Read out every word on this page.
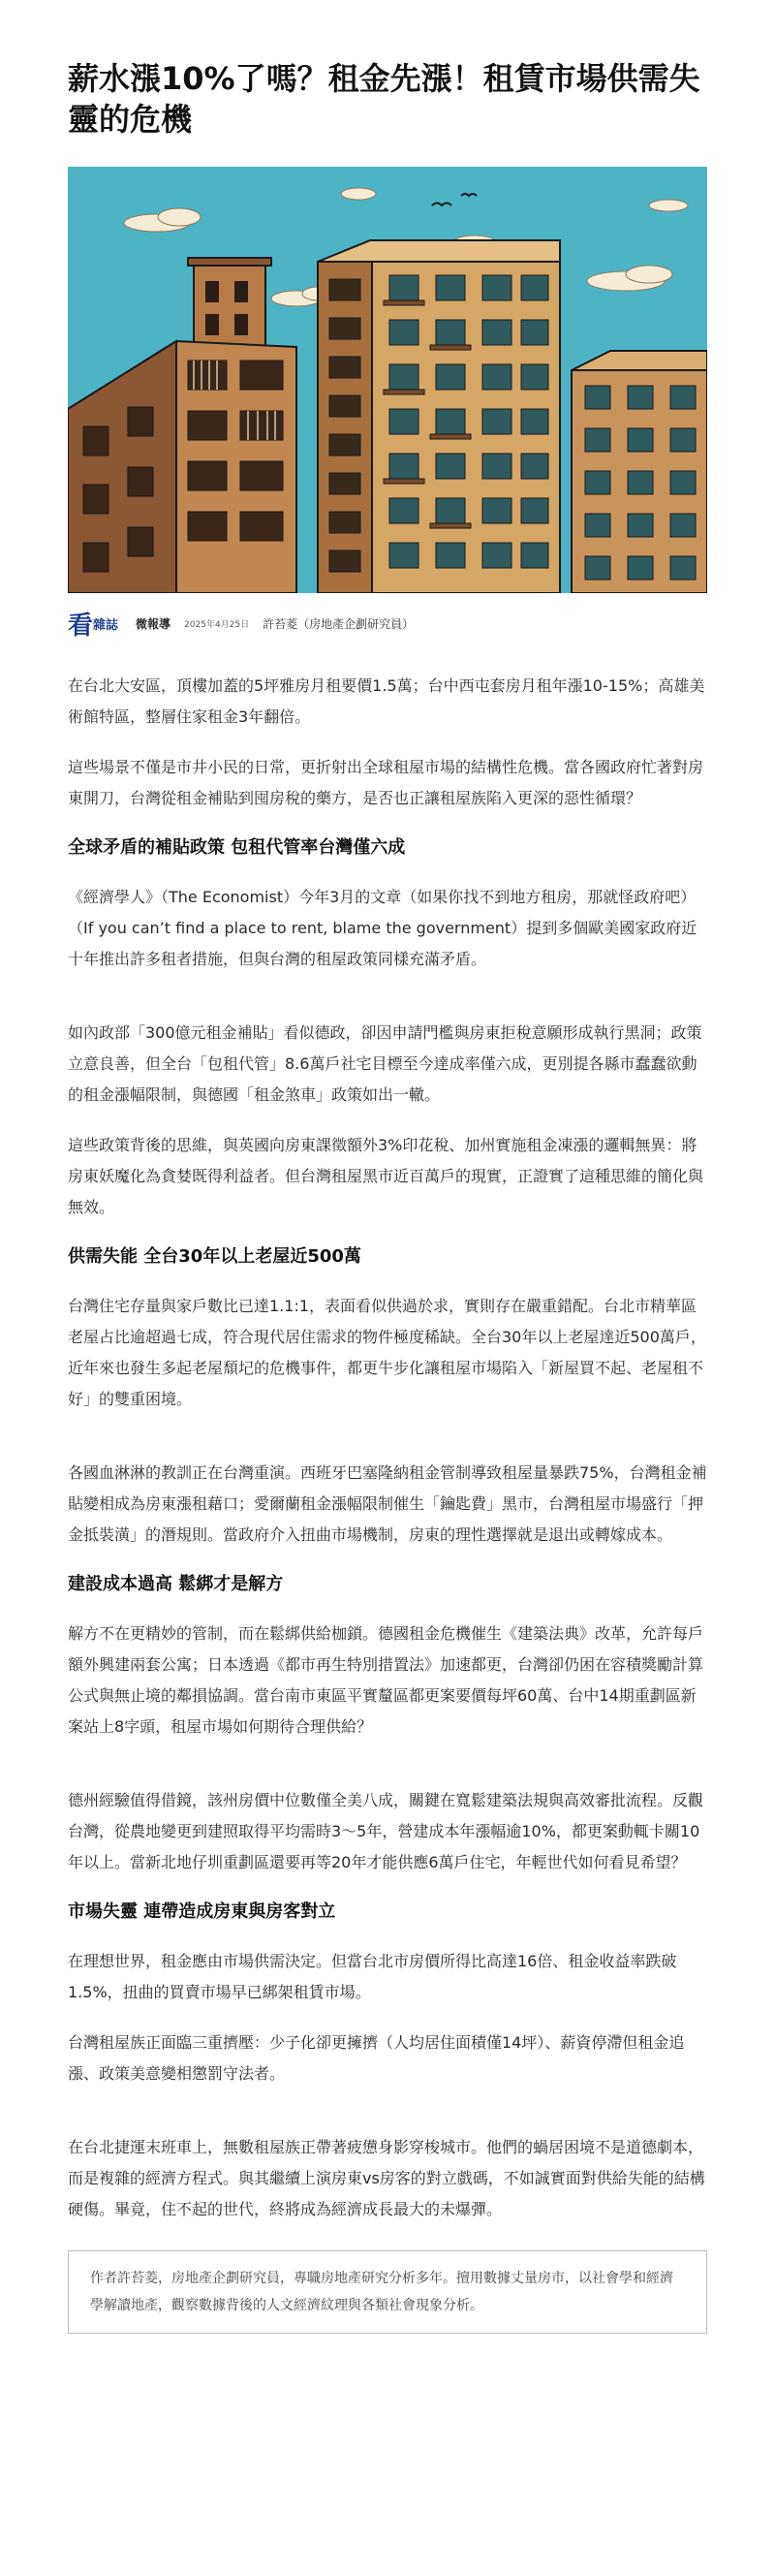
薪水漲10%了嗎？租金先漲！租賃市場供需失靈的危機
看 雜誌 微報導 2025年4月25日 許苔菱（房地產企劃研究員）

在台北大安區，頂樓加蓋的5坪雅房月租要價1.5萬；台中西屯套房月租年漲10-15%；高雄美術館特區，整層住家租金3年翻倍。

這些場景不僅是市井小民的日常，更折射出全球租屋市場的結構性危機。當各國政府忙著對房東開刀，台灣從租金補貼到囤房稅的藥方，是否也正讓租屋族陷入更深的惡性循環？

全球矛盾的補貼政策 包租代管率台灣僅六成

《經濟學人》（The Economist）今年3月的文章（如果你找不到地方租房，那就怪政府吧）（If you can’t find a place to rent, blame the government）提到多個歐美國家政府近十年推出許多租者措施，但與台灣的租屋政策同樣充滿矛盾。

如內政部「300億元租金補貼」看似德政，卻因申請門檻與房東拒稅意願形成執行黑洞；政策立意良善，但全台「包租代管」8.6萬戶社宅目標至今達成率僅六成，更別提各縣市蠢蠢欲動的租金漲幅限制，與德國「租金煞車」政策如出一轍。

這些政策背後的思維，與英國向房東課徵額外3%印花稅、加州實施租金凍漲的邏輯無異：將房東妖魔化為貪婪既得利益者。但台灣租屋黑市近百萬戶的現實，正證實了這種思維的簡化與無效。

供需失能 全台30年以上老屋近500萬

台灣住宅存量與家戶數比已達1.1:1，表面看似供過於求，實則存在嚴重錯配。台北市精華區老屋占比逾超過七成，符合現代居住需求的物件極度稀缺。全台30年以上老屋達近500萬戶，近年來也發生多起老屋頹圮的危機事件，都更牛步化讓租屋市場陷入「新屋買不起、老屋租不好」的雙重困境。

各國血淋淋的教訓正在台灣重演。西班牙巴塞隆納租金管制導致租屋量暴跌75%，台灣租金補貼變相成為房東漲租藉口；愛爾蘭租金漲幅限制催生「鑰匙費」黑市，台灣租屋市場盛行「押金抵裝潢」的潛規則。當政府介入扭曲市場機制，房東的理性選擇就是退出或轉嫁成本。

建設成本過高 鬆綁才是解方

解方不在更精妙的管制，而在鬆綁供給枷鎖。德國租金危機催生《建築法典》改革，允許每戶額外興建兩套公寓；日本透過《都市再生特別措置法》加速都更，台灣卻仍困在容積獎勵計算公式與無止境的鄰損協調。當台南市東區平實釐區都更案要價每坪60萬、台中14期重劃區新案站上8字頭，租屋市場如何期待合理供給？

德州經驗值得借鏡，該州房價中位數僅全美八成，關鍵在寬鬆建築法規與高效審批流程。反觀台灣，從農地變更到建照取得平均需時3～5年，營建成本年漲幅逾10%，都更案動輒卡關10年以上。當新北地仔圳重劃區還要再等20年才能供應6萬戶住宅，年輕世代如何看見希望？

市場失靈 連帶造成房東與房客對立

在理想世界，租金應由市場供需決定。但當台北市房價所得比高達16倍、租金收益率跌破1.5%，扭曲的買賣市場早已綁架租賃市場。

台灣租屋族正面臨三重擠壓：少子化卻更擁擠（人均居住面積僅14坪）、薪資停滯但租金追漲、政策美意變相懲罰守法者。

在台北捷運末班車上，無數租屋族正帶著疲憊身影穿梭城市。他們的蝸居困境不是道德劇本，而是複雜的經濟方程式。與其繼續上演房東vs房客的對立戲碼，不如誠實面對供給失能的結構硬傷。畢竟，住不起的世代，終將成為經濟成長最大的未爆彈。

作者許苔菱，房地產企劃研究員，專職房地產研究分析多年。擅用數據丈量房市，以社會學和經濟學解讀地產，觀察數據背後的人文經濟紋理與各類社會現象分析。
